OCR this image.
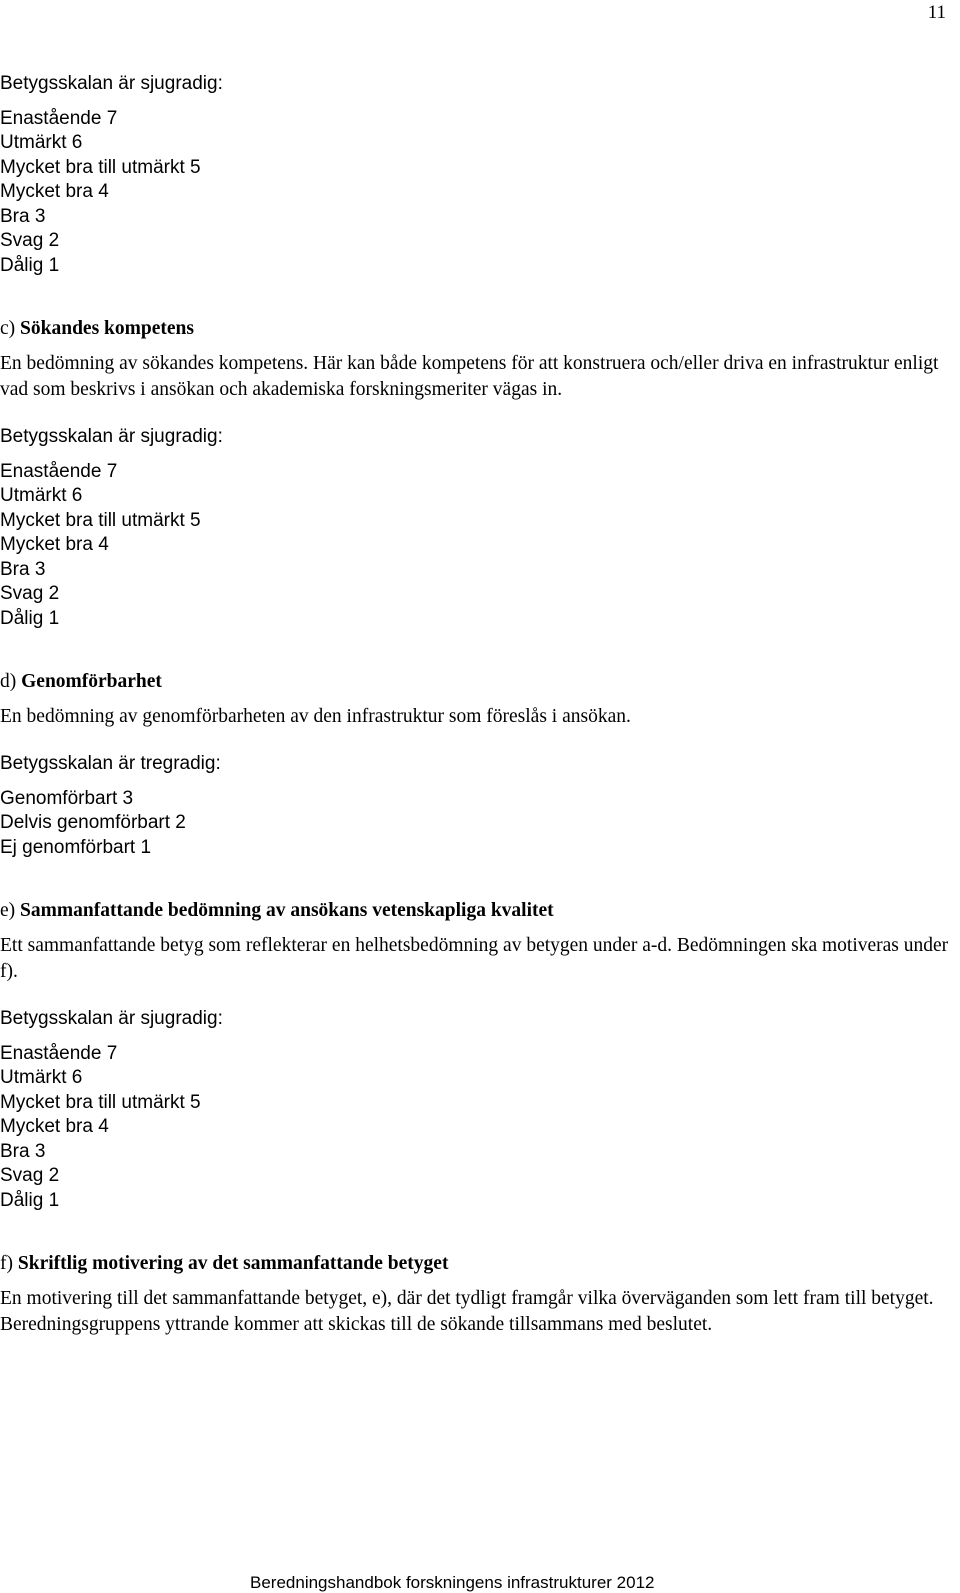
11

Betygsskalan är sjugradig:

Enastående 7
Utmärkt 6
Mycket bra till utmärkt 5
Mycket bra 4
Bra 3
Svag 2
Dålig 1
c) Sökandes kompetens

En bedömning av sökandes kompetens. Här kan både kompetens för att konstruera och/eller driva en infrastruktur enligt vad som beskrivs i ansökan och akademiska forskningsmeriter vägas in.

Betygsskalan är sjugradig:

Enastående 7
Utmärkt 6
Mycket bra till utmärkt 5
Mycket bra 4
Bra 3
Svag 2
Dålig 1
d) Genomförbarhet

En bedömning av genomförbarheten av den infrastruktur som föreslås i ansökan.

Betygsskalan är tregradig:

Genomförbart 3
Delvis genomförbart 2
Ej genomförbart 1
e) Sammanfattande bedömning av ansökans vetenskapliga kvalitet

Ett sammanfattande betyg som reflekterar en helhetsbedömning av betygen under a-d. Bedömningen ska motiveras under f).

Betygsskalan är sjugradig:

Enastående 7
Utmärkt 6
Mycket bra till utmärkt 5
Mycket bra 4
Bra 3
Svag 2
Dålig 1
f) Skriftlig motivering av det sammanfattande betyget

En motivering till det sammanfattande betyget, e), där det tydligt framgår vilka överväganden som lett fram till betyget. Beredningsgruppens yttrande kommer att skickas till de sökande tillsammans med beslutet.

Beredningshandbok forskningens infrastrukturer 2012
